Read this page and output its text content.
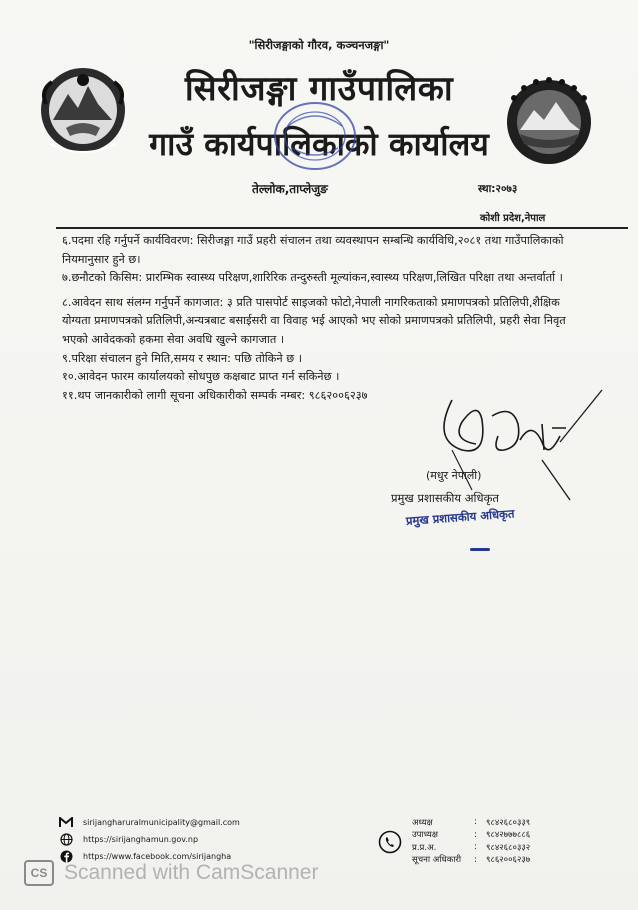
"सिरीजङ्गाको गौरव, कञ्चनजङ्गा"
सिरीजङ्गा गाउँपालिका
गाउँ कार्यपालिकाको कार्यालय
तेल्लोक,ताप्लेजुङ	स्था:२०७३
कोशी प्रदेश,नेपाल

६.पदमा रहि गर्नुपर्ने कार्यविवरण: सिरीजङ्गा गाउँ प्रहरी संचालन तथा व्यवस्थापन सम्बन्धि कार्यविधि,२०८१ तथा गाउँपालिकाको नियमानुसार हुने छ।

७.छनौटको किसिम: प्रारम्भिक स्वास्थ्य परिक्षण,शारिरिक तन्दुरुस्ती मूल्यांकन,स्वास्थ्य परिक्षण,लिखित परिक्षा तथा अन्तर्वार्ता ।

८.आवेदन साथ संलग्न गर्नुपर्ने कागजात: ३ प्रति पासपोर्ट साइजको फोटो,नेपाली नागरिकताको प्रमाणपत्रको प्रतिलिपी,शैक्षिक योग्यता प्रमाणपत्रको प्रतिलिपी,अन्यत्रबाट बसाईसरी वा विवाह भई आएको भए सोको प्रमाणपत्रको प्रतिलिपी, प्रहरी सेवा निवृत भएको आवेदकको हकमा सेवा अवधि खुल्ने कागजात ।

९.परिक्षा संचालन हुने मिति,समय र स्थान: पछि तोकिने छ ।

१०.आवेदन फारम कार्यालयको सोधपुछ कक्षबाट प्राप्त गर्न सकिनेछ ।

११.थप जानकारीको लागी सूचना अधिकारीको सम्पर्क नम्बर: ९८६२००६२३७

(मधुर नेपाली)
प्रमुख प्रशासकीय अधिकृत
प्रमुख प्रशासकीय अधिकृत
sirijangharuralmunicipality@gmail.com
https://sirijanghamun.gov.np
https://www.facebook.com/sirijangha
अध्यक्ष	:	९८४२६८०३३९
उपाध्यक्ष	:	९८४२७७७८८६
प्र.प्र.अ.	:	९८४२६८०३३२
सूचना अधिकारी	:	९८६२००६२३७
CS Scanned with CamScanner
